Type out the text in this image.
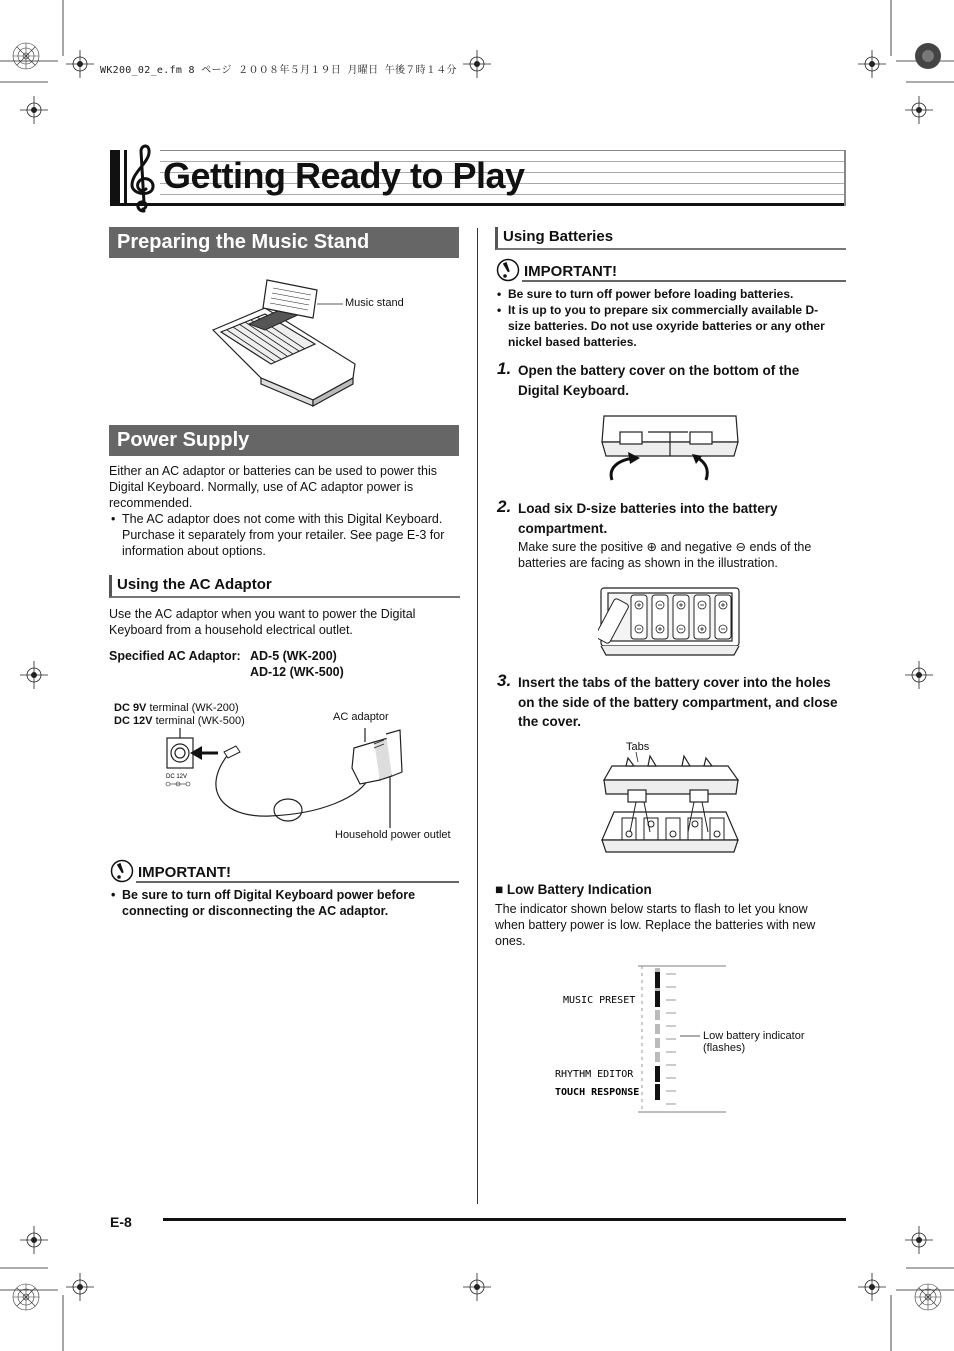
WK200_02_e.fm 8 ページ ２００８年５月１９日 月曜日 午後７時１４分
Getting Ready to Play
Preparing the Music Stand
Music stand
Power Supply
Either an AC adaptor or batteries can be used to power this Digital Keyboard. Normally, use of AC adaptor power is recommended.
• The AC adaptor does not come with this Digital Keyboard. Purchase it separately from your retailer. See page E-3 for information about options.
Using the AC Adaptor
Use the AC adaptor when you want to power the Digital Keyboard from a household electrical outlet.
Specified AC Adaptor: AD-5 (WK-200)
AD-12 (WK-500)
DC 9V terminal (WK-200)
DC 12V terminal (WK-500)	AC adaptor
Household power outlet
DC 12V
IMPORTANT!
• Be sure to turn off Digital Keyboard power before connecting or disconnecting the AC adaptor.
Using Batteries
IMPORTANT!
• Be sure to turn off power before loading batteries.
• It is up to you to prepare six commercially available D-size batteries. Do not use oxyride batteries or any other nickel based batteries.
1. Open the battery cover on the bottom of the Digital Keyboard.
2. Load six D-size batteries into the battery compartment.
Make sure the positive ⊕ and negative ⊖ ends of the batteries are facing as shown in the illustration.
3. Insert the tabs of the battery cover into the holes on the side of the battery compartment, and close the cover.
Tabs
■ Low Battery Indication
The indicator shown below starts to flash to let you know when battery power is low. Replace the batteries with new ones.
MUSIC PRESET
RHYTHM EDITOR
TOUCH RESPONSE
Low battery indicator
(flashes)
E-8
